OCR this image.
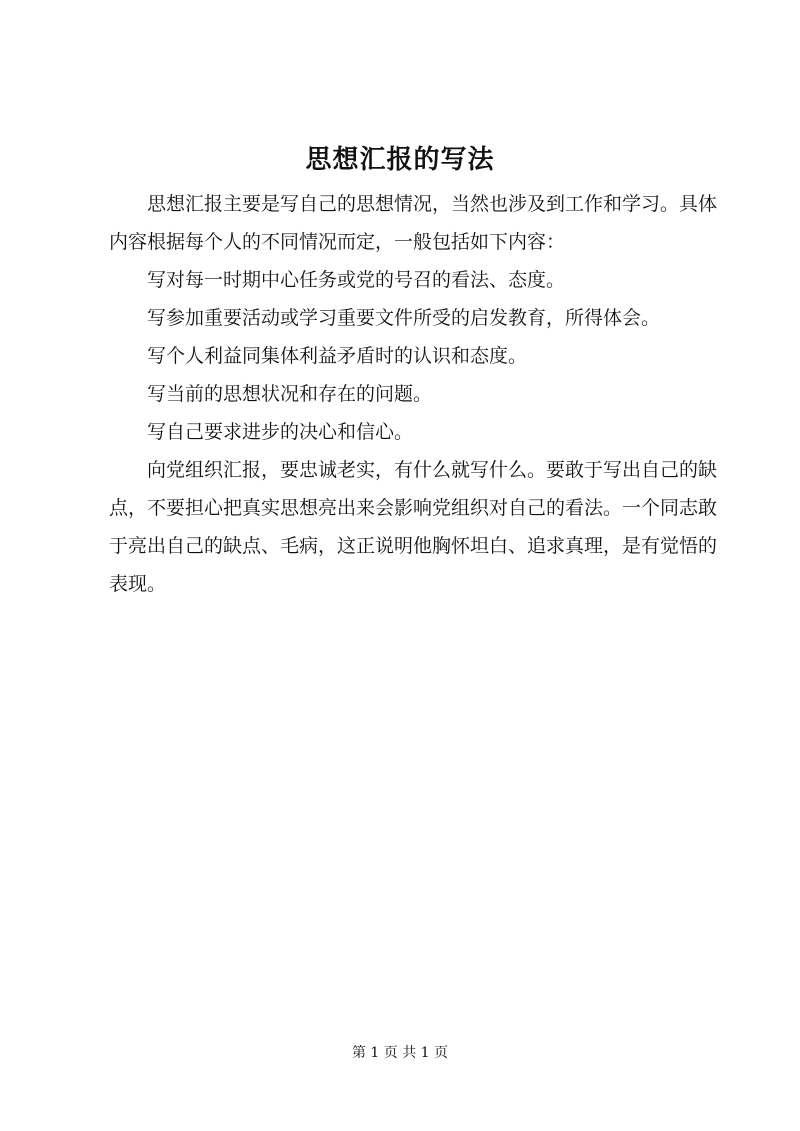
思想汇报的写法

思想汇报主要是写自己的思想情况，当然也涉及到工作和学习。具体内容根据每个人的不同情况而定，一般包括如下内容：

写对每一时期中心任务或党的号召的看法、态度。

写参加重要活动或学习重要文件所受的启发教育，所得体会。

写个人利益同集体利益矛盾时的认识和态度。

写当前的思想状况和存在的问题。

写自己要求进步的决心和信心。

向党组织汇报，要忠诚老实，有什么就写什么。要敢于写出自己的缺点，不要担心把真实思想亮出来会影响党组织对自己的看法。一个同志敢于亮出自己的缺点、毛病，这正说明他胸怀坦白、追求真理，是有觉悟的表现。

第 1 页 共 1 页
